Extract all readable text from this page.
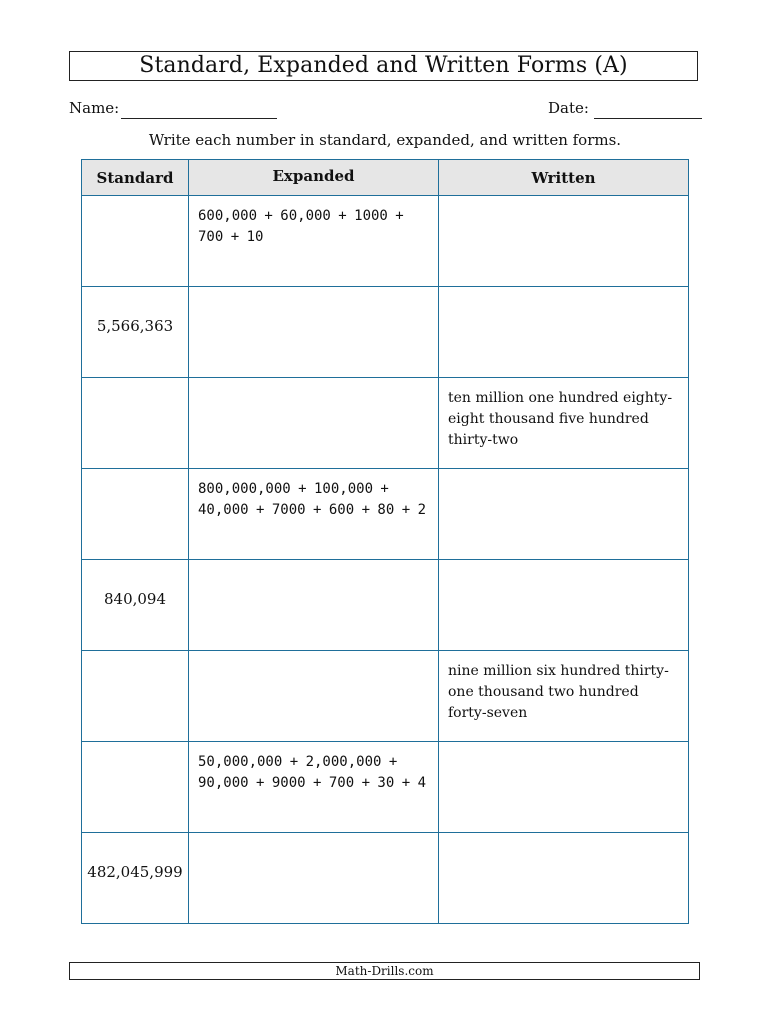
Standard, Expanded and Written Forms (A)
Name:	Date:
Write each number in standard, expanded, and written forms.
Standard	Expanded	Written
	600,000 + 60,000 + 1000 + 700 + 10	
5,566,363		
		ten million one hundred eighty-eight thousand five hundred thirty-two
	800,000,000 + 100,000 + 40,000 + 7000 + 600 + 80 + 2	
840,094		
		nine million six hundred thirty-one thousand two hundred forty-seven
	50,000,000 + 2,000,000 + 90,000 + 9000 + 700 + 30 + 4	
482,045,999		
Math-Drills.com
